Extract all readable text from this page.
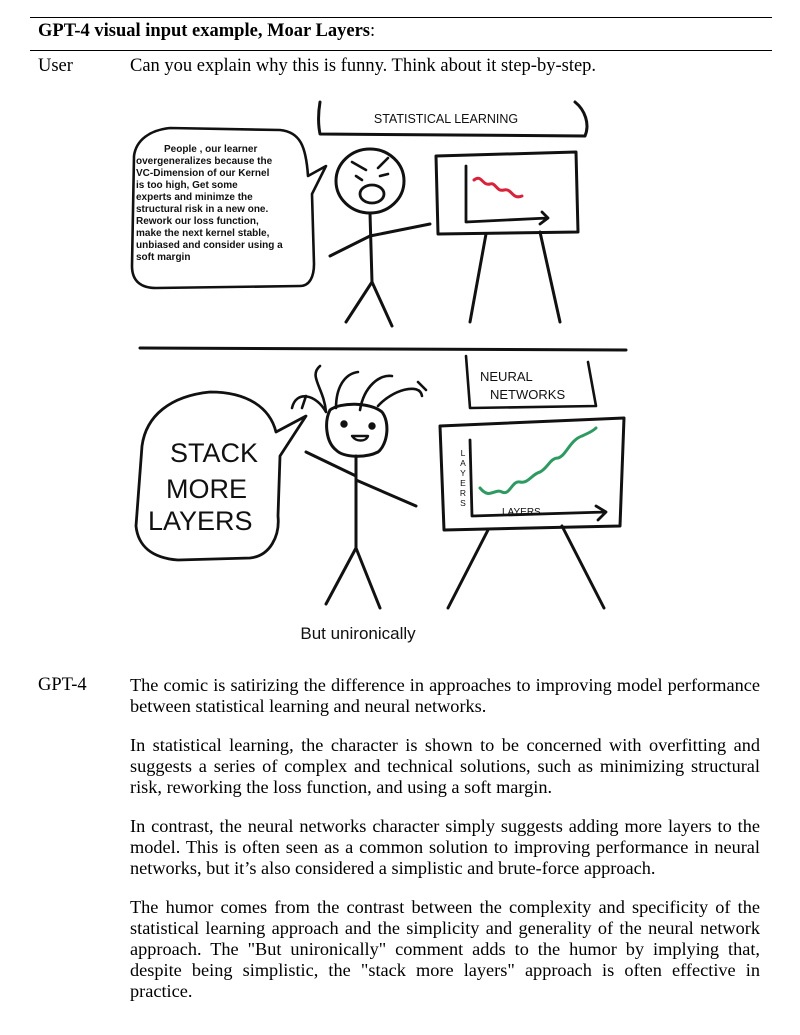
GPT-4 visual input example, Moar Layers:
User	Can you explain why this is funny. Think about it step-by-step.
STATISTICAL LEARNING
People , our learner
overgeneralizes because the
VC-Dimension of our Kernel
is too high, Get some
experts and minimze the
structural risk in a new one.
Rework our loss function,
make the next kernel stable,
unbiased and consider using a
soft margin
NEURAL
NETWORKS
STACK
MORE
LAYERS
L
A
Y
E
R
S
LAYERS
But unironically
GPT-4 The comic is satirizing the difference in approaches to improving model performance between statistical learning and neural networks.

In statistical learning, the character is shown to be concerned with overfitting and suggests a series of complex and technical solutions, such as minimizing structural risk, reworking the loss function, and using a soft margin.

In contrast, the neural networks character simply suggests adding more layers to the model. This is often seen as a common solution to improving performance in neural networks, but it’s also considered a simplistic and brute-force approach.

The humor comes from the contrast between the complexity and specificity of the statistical learning approach and the simplicity and generality of the neural network approach. The "But unironically" comment adds to the humor by implying that, despite being simplistic, the "stack more layers" approach is often effective in practice.
